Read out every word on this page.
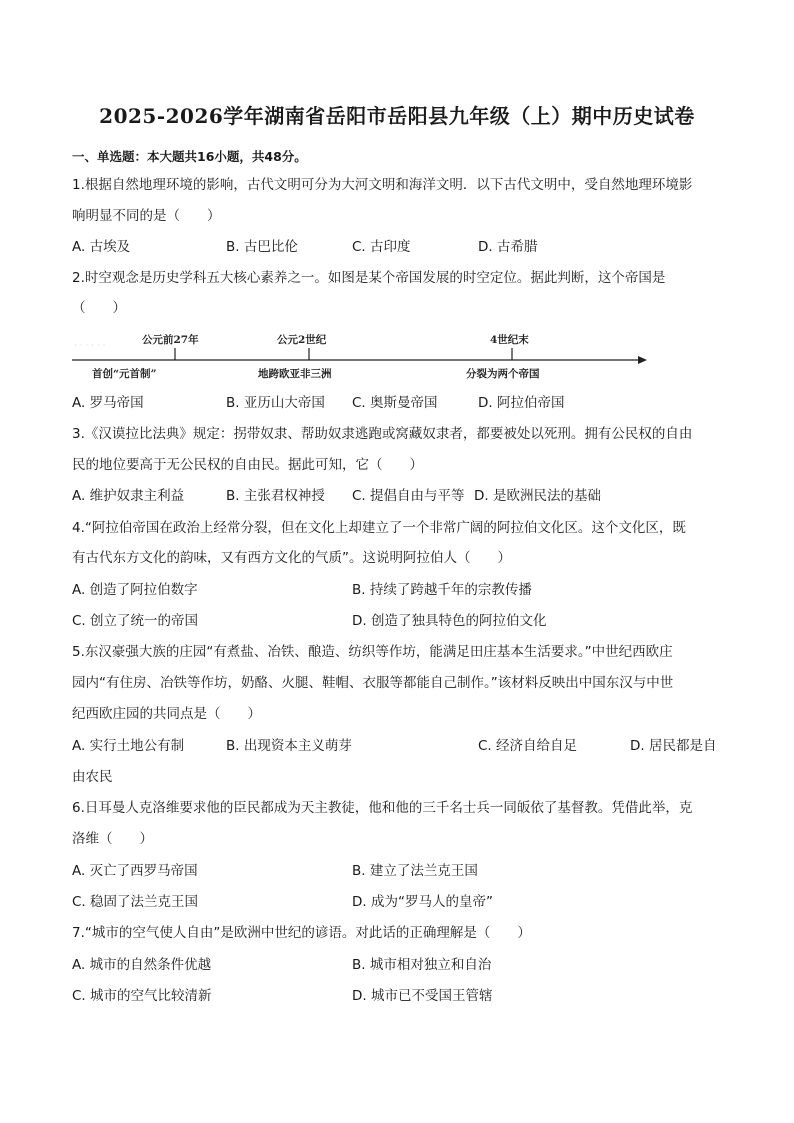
2025-2026学年湖南省岳阳市岳阳县九年级（上）期中历史试卷
一、单选题：本大题共16小题，共48分。
1.根据自然地理环境的影响，古代文明可分为大河文明和海洋文明．以下古代文明中，受自然地理环境影
响明显不同的是（　　）
A. 古埃及	B. 古巴比伦	C. 古印度	D. 古希腊
2.时空观念是历史学科五大核心素养之一。如图是某个帝国发展的时空定位。据此判断，这个帝国是
（　　）
· · · · · ·	公元前27年	公元2世纪	4世纪末
首创“元首制”	地跨欧亚非三洲	分裂为两个帝国
A. 罗马帝国	B. 亚历山大帝国 C. 奥斯曼帝国	D. 阿拉伯帝国
3.《汉谟拉比法典》规定：拐带奴隶、帮助奴隶逃跑或窝藏奴隶者，都要被处以死刑。拥有公民权的自由
民的地位要高于无公民权的自由民。据此可知，它（　　）
A. 维护奴隶主利益	B. 主张君权神授 C. 提倡自由与平等 D. 是欧洲民法的基础
4.“阿拉伯帝国在政治上经常分裂，但在文化上却建立了一个非常广阔的阿拉伯文化区。这个文化区，既
有古代东方文化的韵味，又有西方文化的气质”。这说明阿拉伯人（　　）
A. 创造了阿拉伯数字	B. 持续了跨越千年的宗教传播
C. 创立了统一的帝国	D. 创造了独具特色的阿拉伯文化
5.东汉豪强大族的庄园“有煮盐、冶铁、酿造、纺织等作坊，能满足田庄基本生活要求。”中世纪西欧庄
园内“有住房、冶铁等作坊，奶酪、火腿、鞋帽、衣服等都能自己制作。”该材料反映出中国东汉与中世
纪西欧庄园的共同点是（　　）
A. 实行土地公有制	B. 出现资本主义萌芽	C. 经济自给自足	D. 居民都是自
由农民
6.日耳曼人克洛维要求他的臣民都成为天主教徒，他和他的三千名士兵一同皈依了基督教。凭借此举，克
洛维（　　）
A. 灭亡了西罗马帝国	B. 建立了法兰克王国
C. 稳固了法兰克王国	D. 成为“罗马人的皇帝”
7.“城市的空气使人自由”是欧洲中世纪的谚语。对此话的正确理解是（　　）
A. 城市的自然条件优越	B. 城市相对独立和自治
C. 城市的空气比较清新	D. 城市已不受国王管辖
